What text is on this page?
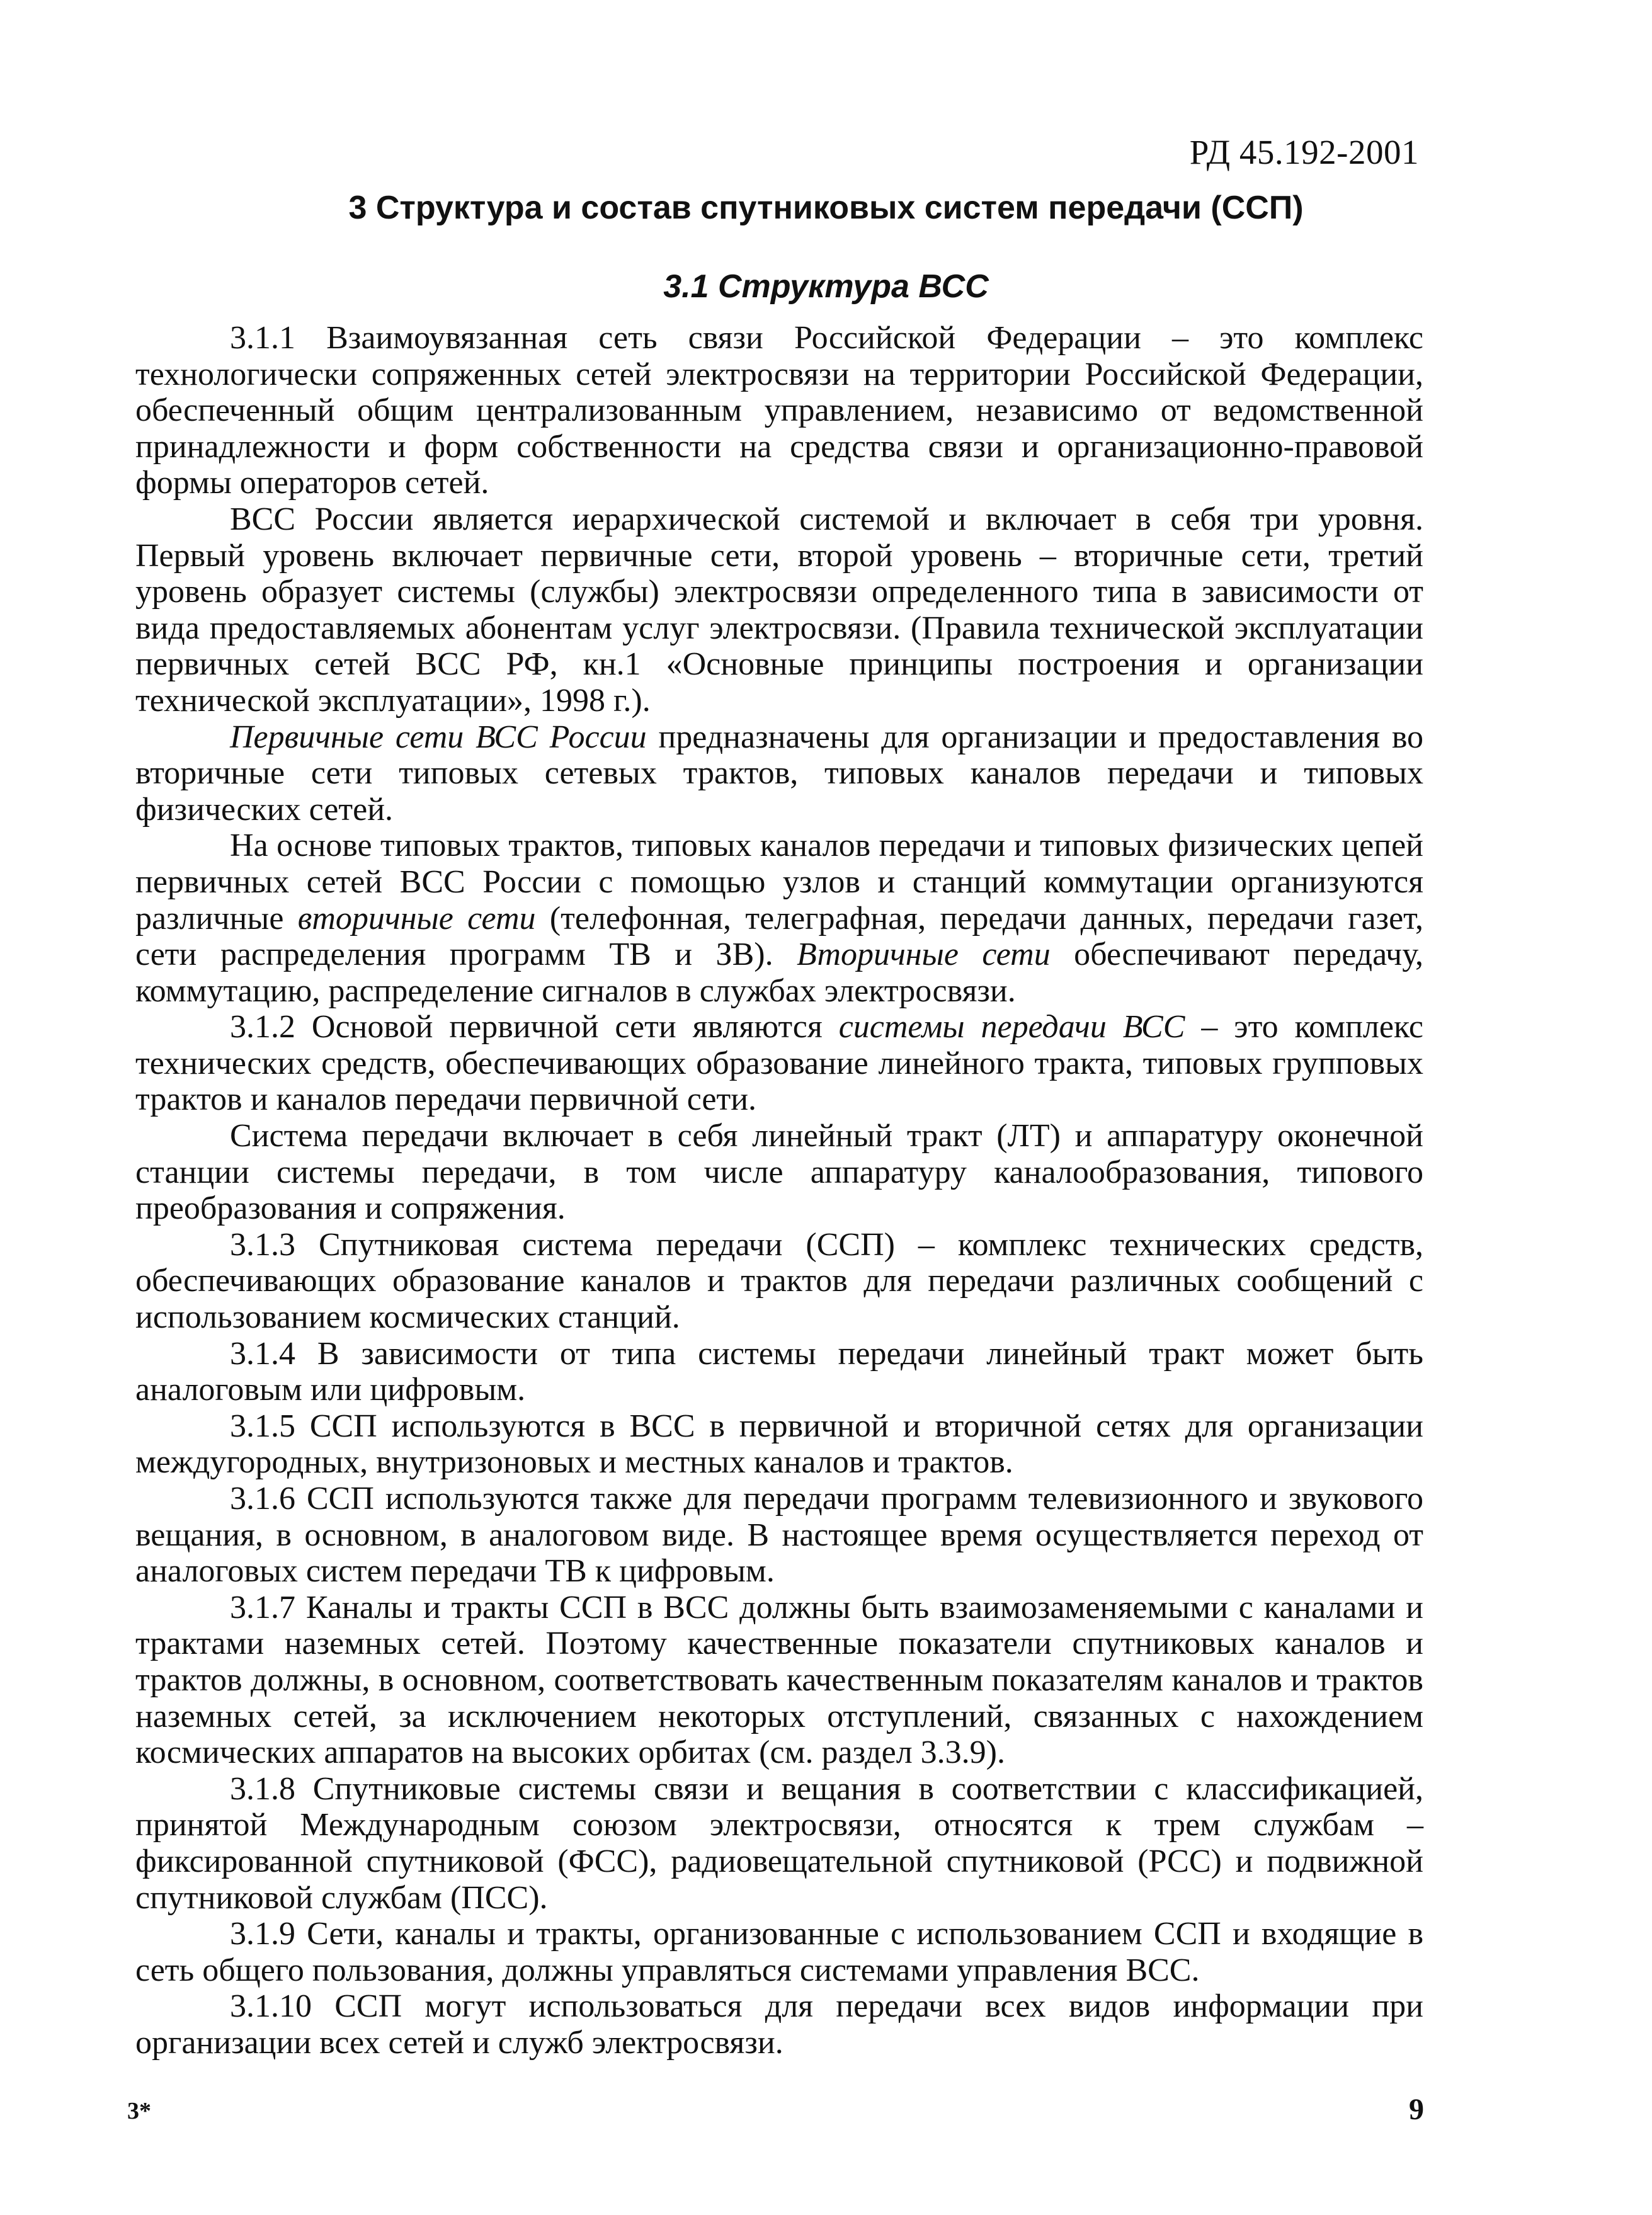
РД 45.192-2001
3 Структура и состав спутниковых систем передачи (ССП)
3.1 Структура ВСС

3.1.1 Взаимоувязанная сеть связи Российской Федерации – это комплекс технологически сопряженных сетей электросвязи на территории Российской Федерации, обеспеченный общим централизованным управлением, независимо от ведомственной принадлежности и форм собственности на средства связи и организационно-правовой формы операторов сетей.

ВСС России является иерархической системой и включает в себя три уровня. Первый уровень включает первичные сети, второй уровень – вторичные сети, третий уровень образует системы (службы) электросвязи определенного типа в зависимости от вида предоставляемых абонентам услуг электросвязи. (Правила технической эксплуатации первичных сетей ВСС РФ, кн.1 «Основные принципы построения и организации технической эксплуатации», 1998 г.).

Первичные сети ВСС России предназначены для организации и предоставления во вторичные сети типовых сетевых трактов, типовых каналов передачи и типовых физических сетей.

На основе типовых трактов, типовых каналов передачи и типовых физических цепей первичных сетей ВСС России с помощью узлов и станций коммутации организуются различные вторичные сети (телефонная, телеграфная, передачи данных, передачи газет, сети распределения программ ТВ и ЗВ). Вторичные сети обеспечивают передачу, коммутацию, распределение сигналов в службах электросвязи.

3.1.2 Основой первичной сети являются системы передачи ВСС – это комплекс технических средств, обеспечивающих образование линейного тракта, типовых групповых трактов и каналов передачи первичной сети.

Система передачи включает в себя линейный тракт (ЛТ) и аппаратуру оконечной станции системы передачи, в том числе аппаратуру каналообразования, типового преобразования и сопряжения.

3.1.3 Спутниковая система передачи (ССП) – комплекс технических средств, обеспечивающих образование каналов и трактов для передачи различных сообщений с использованием космических станций.

3.1.4 В зависимости от типа системы передачи линейный тракт может быть аналоговым или цифровым.

3.1.5 ССП используются в ВСС в первичной и вторичной сетях для организации междугородных, внутризоновых и местных каналов и трактов.

3.1.6 ССП используются также для передачи программ телевизионного и звукового вещания, в основном, в аналоговом виде. В настоящее время осуществляется переход от аналоговых систем передачи ТВ к цифровым.

3.1.7 Каналы и тракты ССП в ВСС должны быть взаимозаменяемыми с каналами и трактами наземных сетей. Поэтому качественные показатели спутниковых каналов и трактов должны, в основном, соответствовать качественным показателям каналов и трактов наземных сетей, за исключением некоторых отступлений, связанных с нахождением космических аппаратов на высоких орбитах (см. раздел 3.3.9).

3.1.8 Спутниковые системы связи и вещания в соответствии с классификацией, принятой Международным союзом электросвязи, относятся к трем службам – фиксированной спутниковой (ФСС), радиовещательной спутниковой (РСС) и подвижной спутниковой службам (ПСС).

3.1.9 Сети, каналы и тракты, организованные с использованием ССП и входящие в сеть общего пользования, должны управляться системами управления ВСС.

3.1.10 ССП могут использоваться для передачи всех видов информации при организации всех сетей и служб электросвязи.

3*	9
